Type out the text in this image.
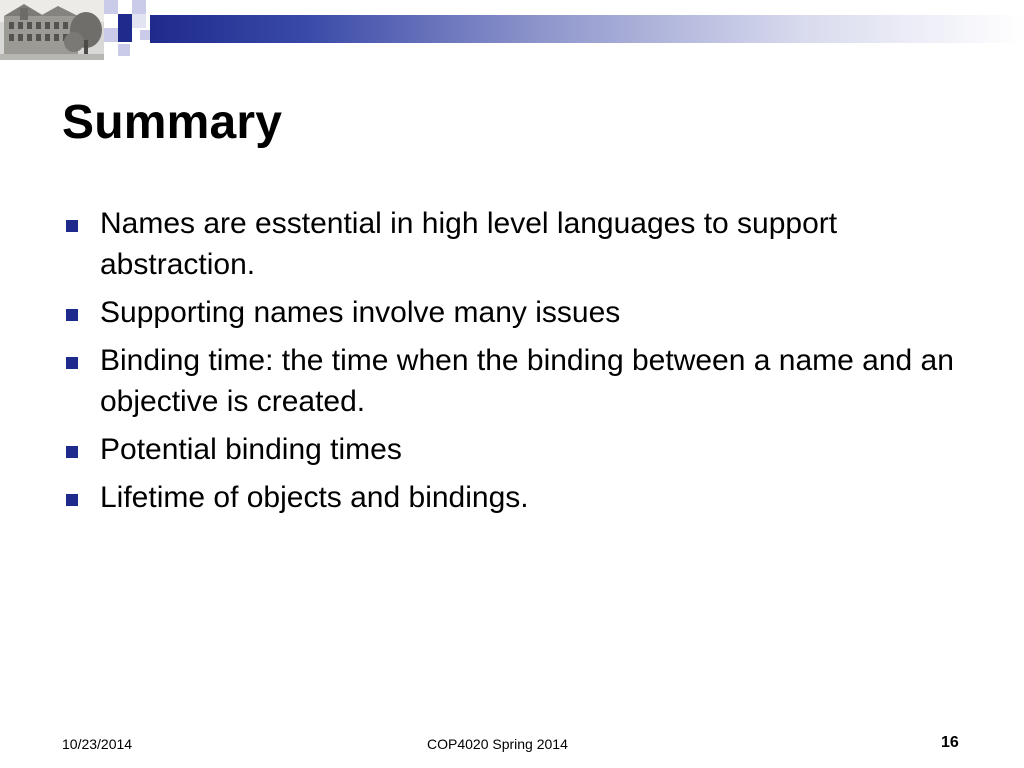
Summary
Names are esstential in high level languages to support abstraction.
Supporting names involve many issues
Binding time: the time when the binding between a name and an objective is created.
Potential binding times
Lifetime of objects and bindings.
10/23/2014	COP4020 Spring 2014	16
